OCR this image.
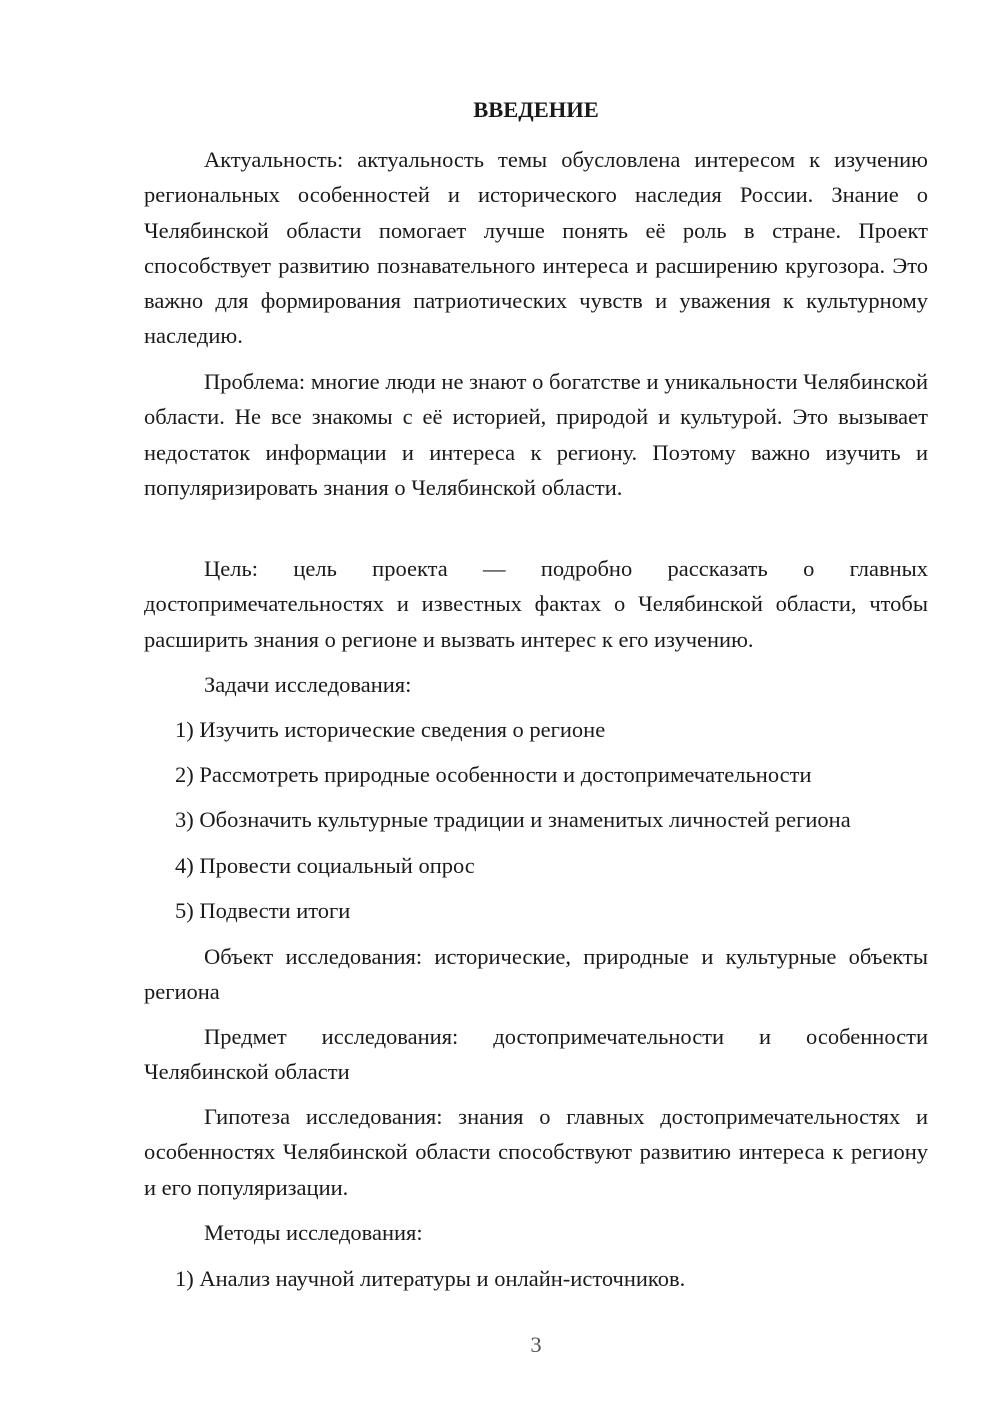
ВВЕДЕНИЕ
Актуальность: актуальность темы обусловлена интересом к изучению региональных особенностей и исторического наследия России. Знание о Челябинской области помогает лучше понять её роль в стране. Проект способствует развитию познавательного интереса и расширению кругозора. Это важно для формирования патриотических чувств и уважения к культурному наследию.
Проблема: многие люди не знают о богатстве и уникальности Челябинской области. Не все знакомы с её историей, природой и культурой. Это вызывает недостаток информации и интереса к региону. Поэтому важно изучить и популяризировать знания о Челябинской области.
Цель: цель проекта — подробно рассказать о главных достопримечательностях и известных фактах о Челябинской области, чтобы расширить знания о регионе и вызвать интерес к его изучению.
Задачи исследования:
1) Изучить исторические сведения о регионе
2) Рассмотреть природные особенности и достопримечательности
3) Обозначить культурные традиции и знаменитых личностей региона
4) Провести социальный опрос
5) Подвести итоги
Объект исследования: исторические, природные и культурные объекты региона
Предмет исследования: достопримечательности и особенности Челябинской области
Гипотеза исследования: знания о главных достопримечательностях и особенностях Челябинской области способствуют развитию интереса к региону и его популяризации.
Методы исследования:
1) Анализ научной литературы и онлайн-источников.
3
